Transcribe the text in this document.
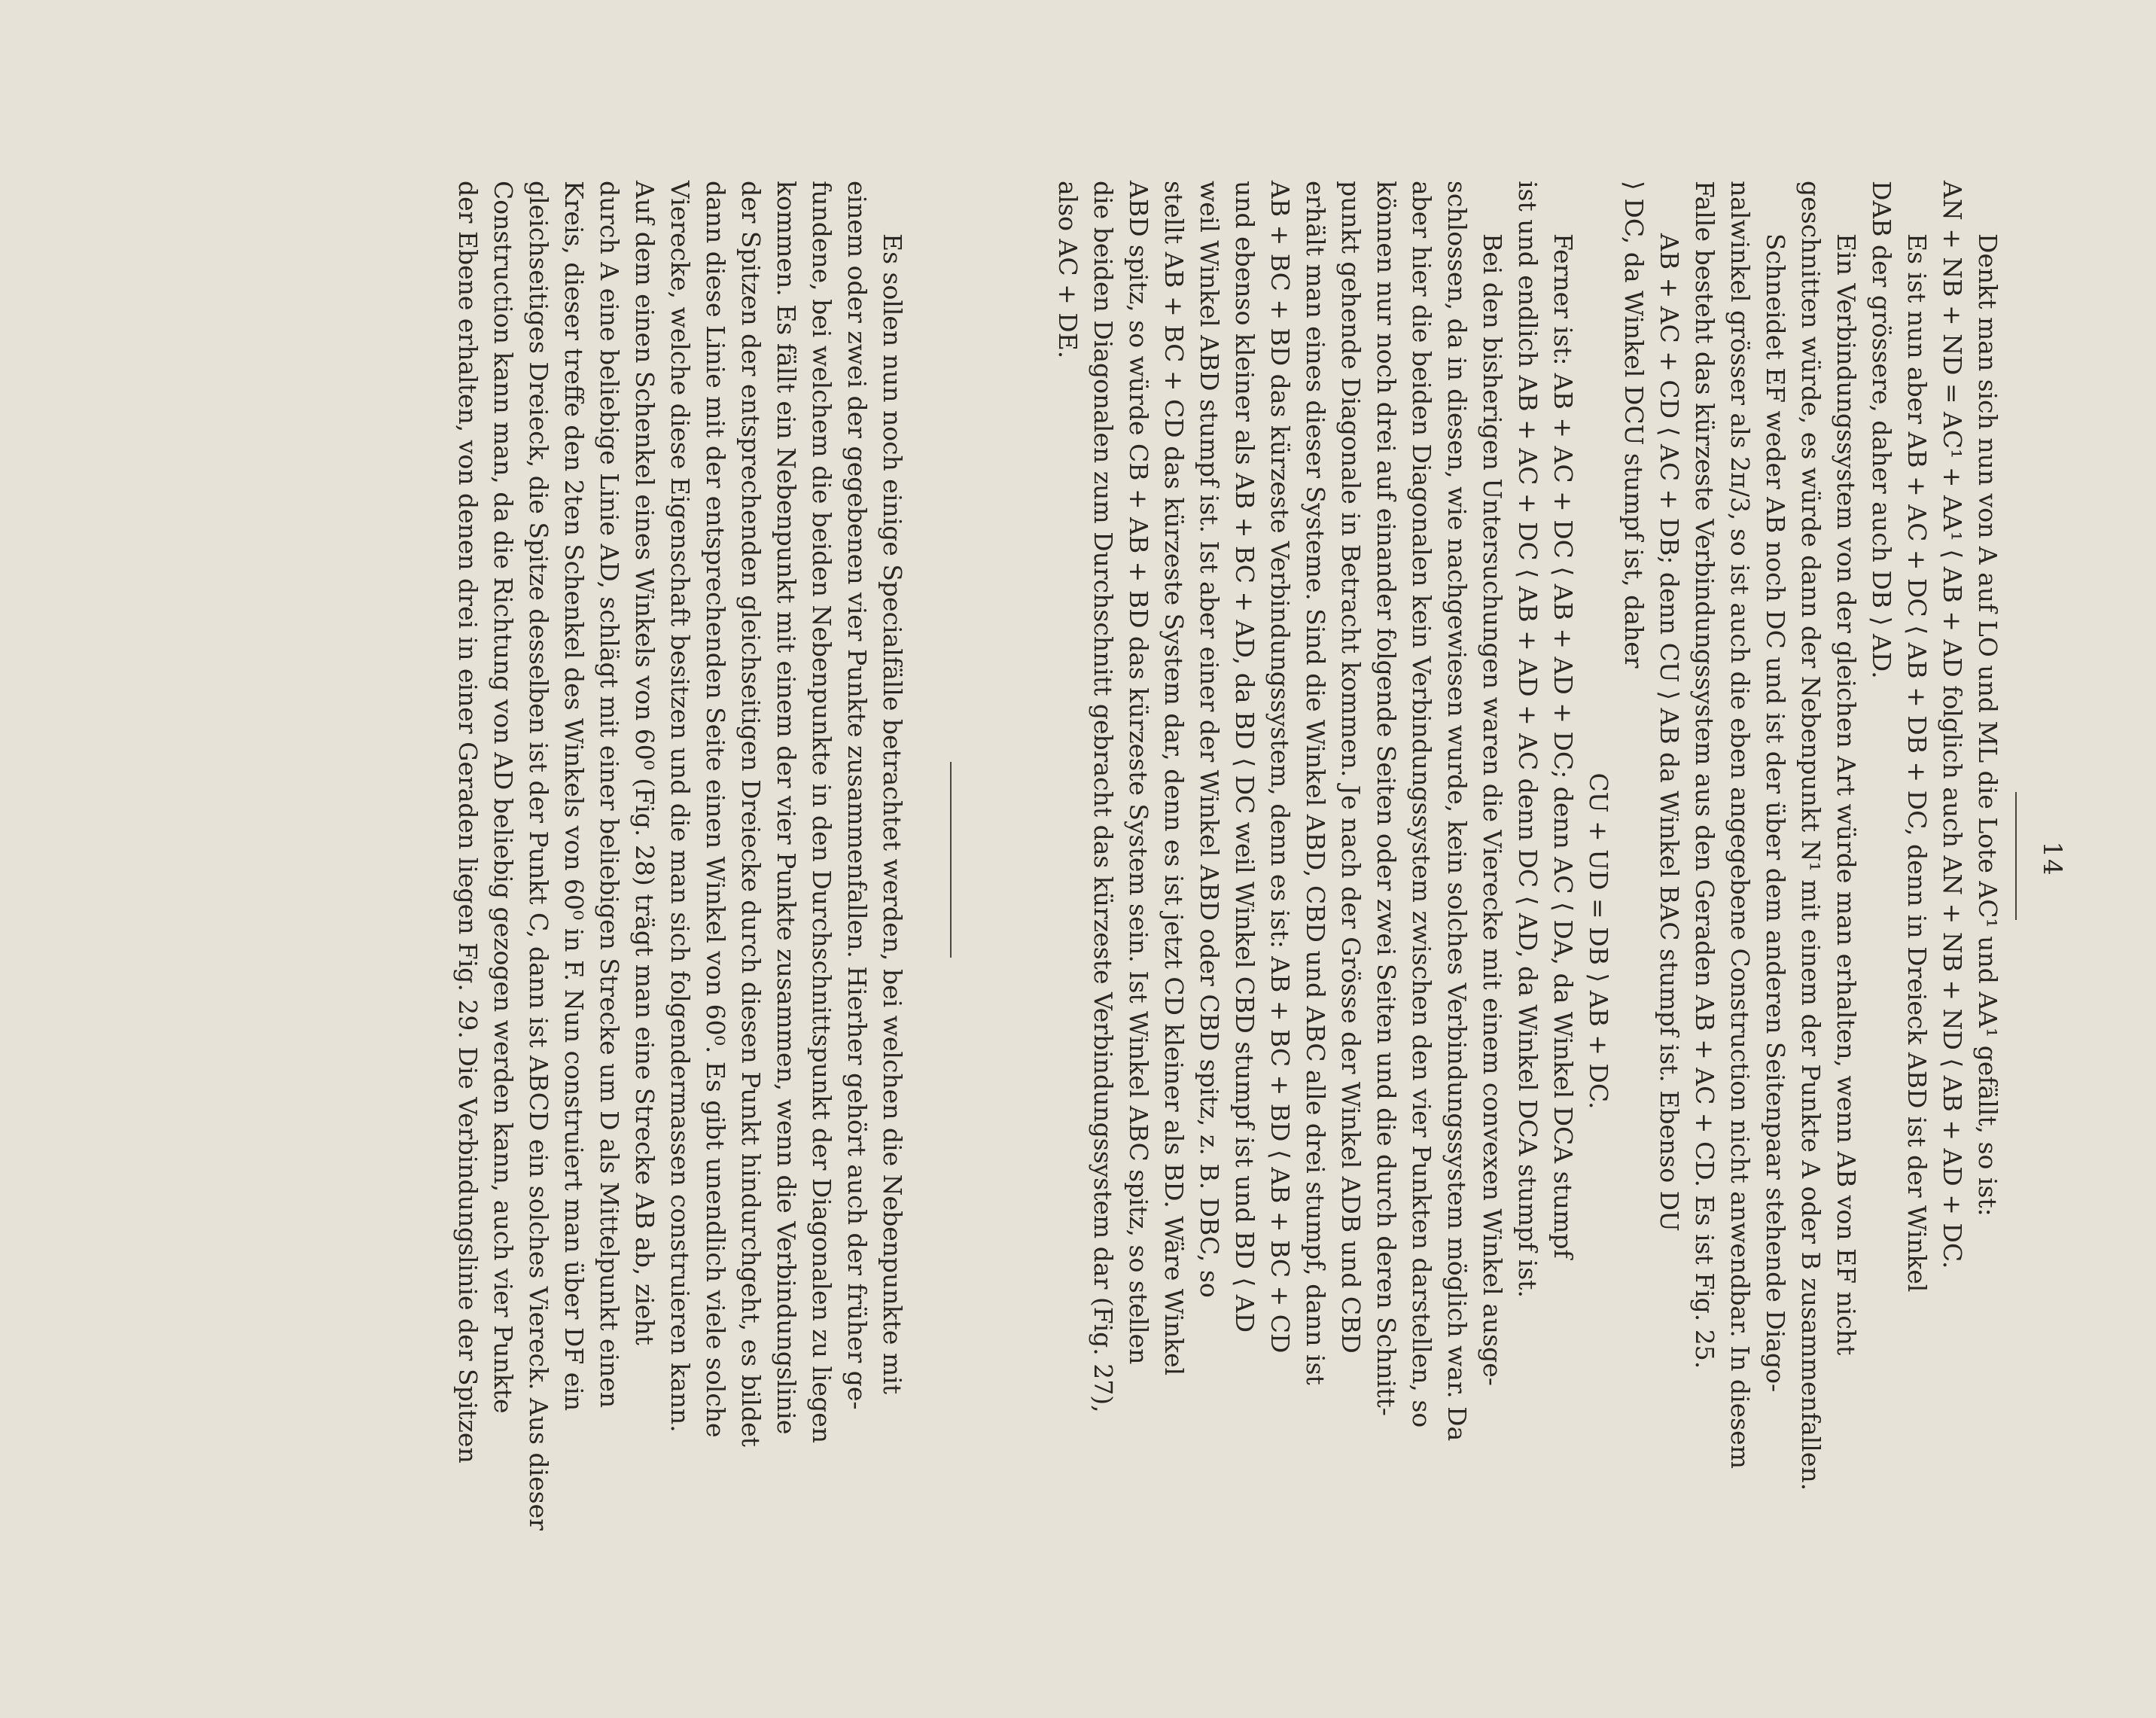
14

Denkt man sich nun von A auf LO und ML die Lote AC¹ und AA¹ gefällt, so ist:

AN + NB + ND = AC¹ + AA¹ ⟨ AB + AD folglich auch AN + NB + ND ⟨ AB + AD + DC.

Es ist nun aber AB + AC + DC ⟨ AB + DB + DC, denn in Dreieck ABD ist der Winkel

DAB der grössere, daher auch DB ⟩ AD.

Ein Verbindungssystem von der gleichen Art würde man erhalten, wenn AB von EF nicht

geschnitten würde, es würde dann der Nebenpunkt N¹ mit einem der Punkte A oder B zusammenfallen.

Schneidet EF weder AB noch DC und ist der über dem anderen Seitenpaar stehende Diago-

nalwinkel grösser als 2π/3, so ist auch die eben angegebene Construction nicht anwendbar. In diesem

Falle besteht das kürzeste Verbindungssystem aus den Geraden AB + AC + CD. Es ist Fig. 25.

AB + AC + CD ⟨ AC + DB; denn CU ⟩ AB da Winkel BAC stumpf ist. Ebenso DU

⟩ DC, da Winkel DCU stumpf ist, daher

CU + UD = DB ⟩ AB + DC.

Ferner ist: AB + AC + DC ⟨ AB + AD + DC; denn AC ⟨ DA, da Winkel DCA stumpf

ist und endlich AB + AC + DC ⟨ AB + AD + AC denn DC ⟨ AD, da Winkel DCA stumpf ist.

Bei den bisherigen Untersuchungen waren die Vierecke mit einem convexen Winkel ausge-

schlossen, da in diesen, wie nachgewiesen wurde, kein solches Verbindungssystem möglich war. Da

aber hier die beiden Diagonalen kein Verbindungssystem zwischen den vier Punkten darstellen, so

können nur noch drei auf einander folgende Seiten oder zwei Seiten und die durch deren Schnitt-

punkt gehende Diagonale in Betracht kommen. Je nach der Grösse der Winkel ADB und CBD

erhält man eines dieser Systeme. Sind die Winkel ABD, CBD und ABC alle drei stumpf, dann ist

AB + BC + BD das kürzeste Verbindungssystem, denn es ist: AB + BC + BD ⟨ AB + BC + CD

und ebenso kleiner als AB + BC + AD, da BD ⟨ DC weil Winkel CBD stumpf ist und BD ⟨ AD

weil Winkel ABD stumpf ist. Ist aber einer der Winkel ABD oder CBD spitz, z. B. DBC, so

stellt AB + BC + CD das kürzeste System dar, denn es ist jetzt CD kleiner als BD. Wäre Winkel

ABD spitz, so würde CB + AB + BD das kürzeste System sein. Ist Winkel ABC spitz, so stellen

die beiden Diagonalen zum Durchschnitt gebracht das kürzeste Verbindungssystem dar (Fig. 27),

also AC + DE.

Es sollen nun noch einige Specialfälle betrachtet werden, bei welchen die Nebenpunkte mit

einem oder zwei der gegebenen vier Punkte zusammenfallen. Hierher gehört auch der früher ge-

fundene, bei welchem die beiden Nebenpunkte in den Durchschnittspunkt der Diagonalen zu liegen

kommen. Es fällt ein Nebenpunkt mit einem der vier Punkte zusammen, wenn die Verbindungslinie

der Spitzen der entsprechenden gleichseitigen Dreiecke durch diesen Punkt hindurchgeht, es bildet

dann diese Linie mit der entsprechenden Seite einen Winkel von 60⁰. Es gibt unendlich viele solche

Vierecke, welche diese Eigenschaft besitzen und die man sich folgendermassen construieren kann.

Auf dem einen Schenkel eines Winkels von 60⁰ (Fig. 28) trägt man eine Strecke AB ab, zieht

durch A eine beliebige Linie AD, schlägt mit einer beliebigen Strecke um D als Mittelpunkt einen

Kreis, dieser treffe den 2ten Schenkel des Winkels von 60⁰ in F. Nun construiert man über DF ein

gleichseitiges Dreieck, die Spitze desselben ist der Punkt C, dann ist ABCD ein solches Viereck. Aus dieser

Construction kann man, da die Richtung von AD beliebig gezogen werden kann, auch vier Punkte

der Ebene erhalten, von denen drei in einer Geraden liegen Fig. 29. Die Verbindungslinie der Spitzen
